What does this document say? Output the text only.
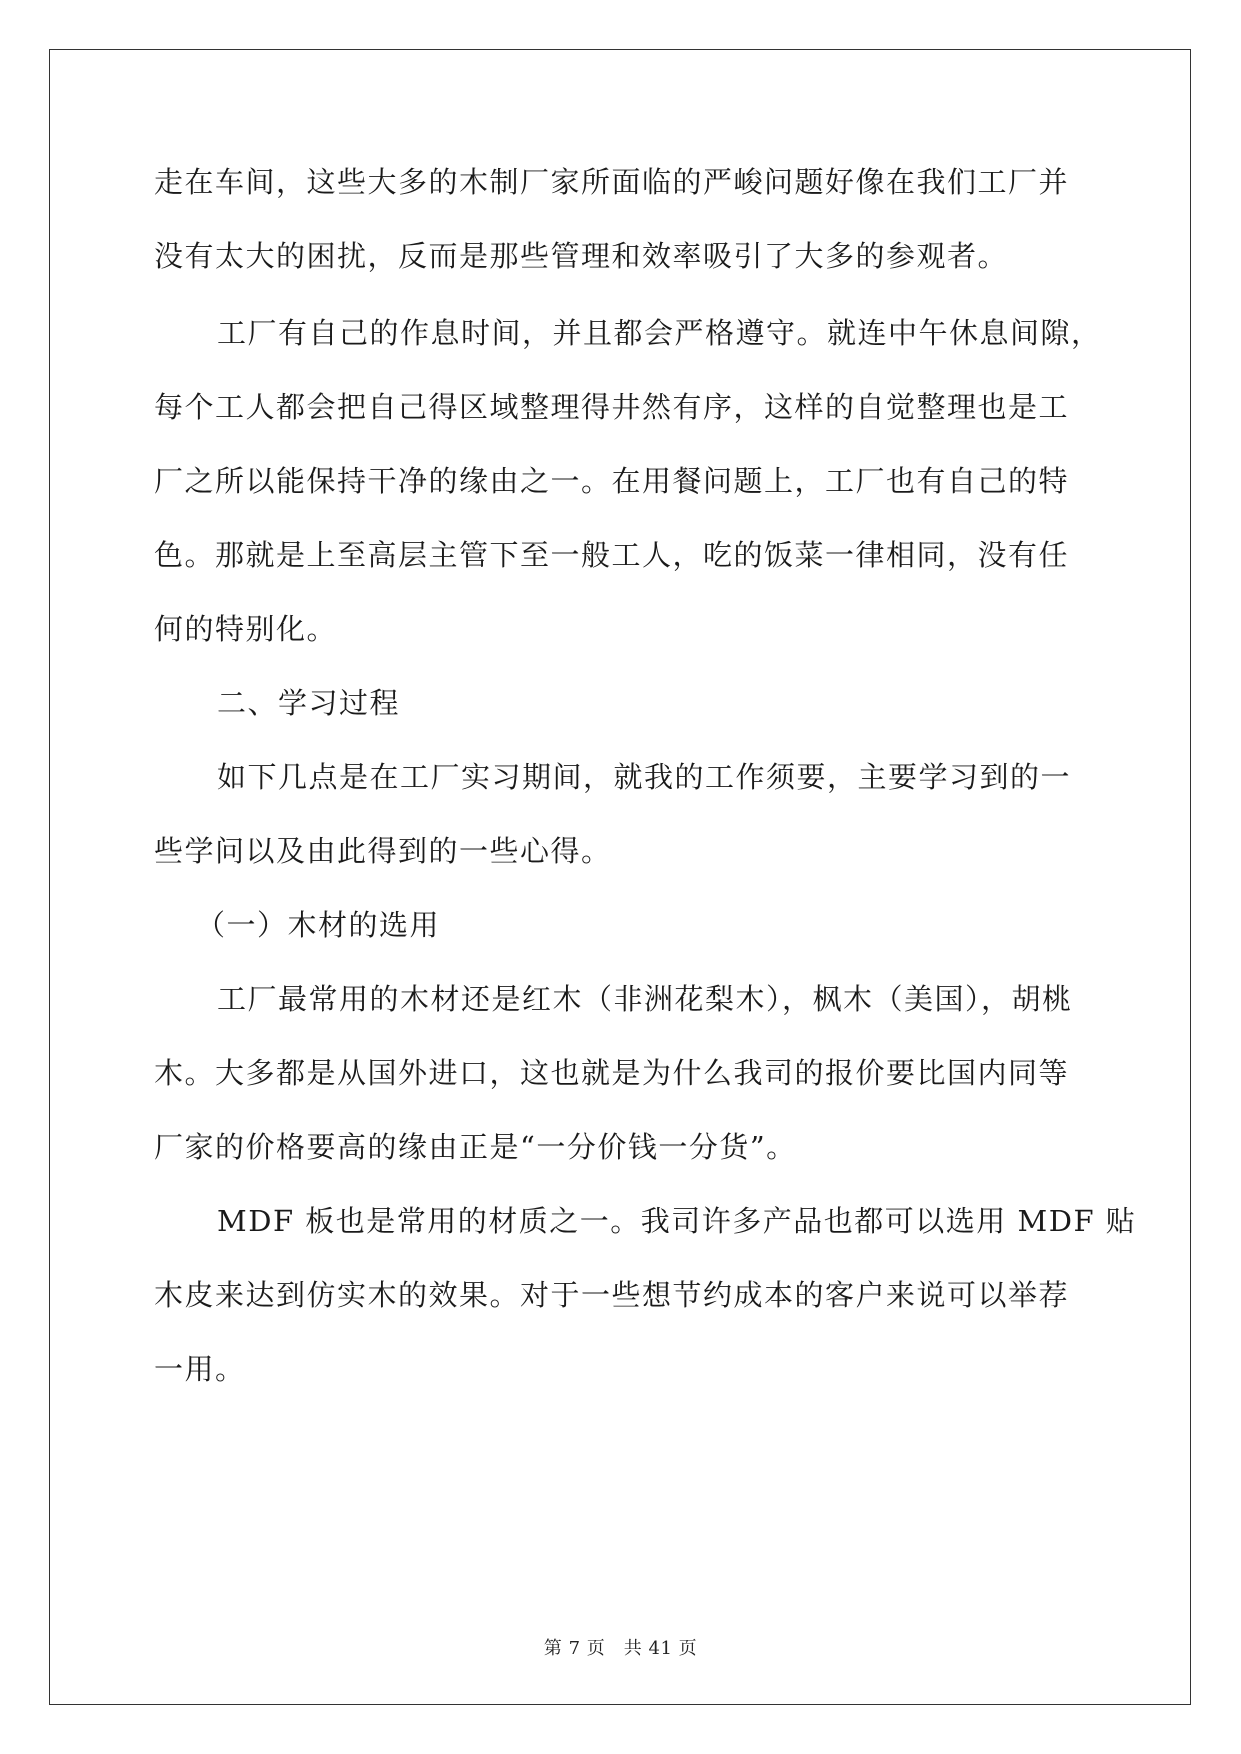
走在车间，这些大多的木制厂家所面临的严峻问题好像在我们工厂并
没有太大的困扰，反而是那些管理和效率吸引了大多的参观者。
工厂有自己的作息时间，并且都会严格遵守。就连中午休息间隙，
每个工人都会把自己得区域整理得井然有序，这样的自觉整理也是工
厂之所以能保持干净的缘由之一。在用餐问题上，工厂也有自己的特
色。那就是上至高层主管下至一般工人，吃的饭菜一律相同，没有任
何的特别化。
二、学习过程
如下几点是在工厂实习期间，就我的工作须要，主要学习到的一
些学问以及由此得到的一些心得。
（一）木材的选用
工厂最常用的木材还是红木（非洲花梨木），枫木（美国），胡桃
木。大多都是从国外进口，这也就是为什么我司的报价要比国内同等
厂家的价格要高的缘由正是“一分价钱一分货”。
MDF 板也是常用的材质之一。我司许多产品也都可以选用 MDF 贴
木皮来达到仿实木的效果。对于一些想节约成本的客户来说可以举荐
一用。
第 7 页　共 41 页
